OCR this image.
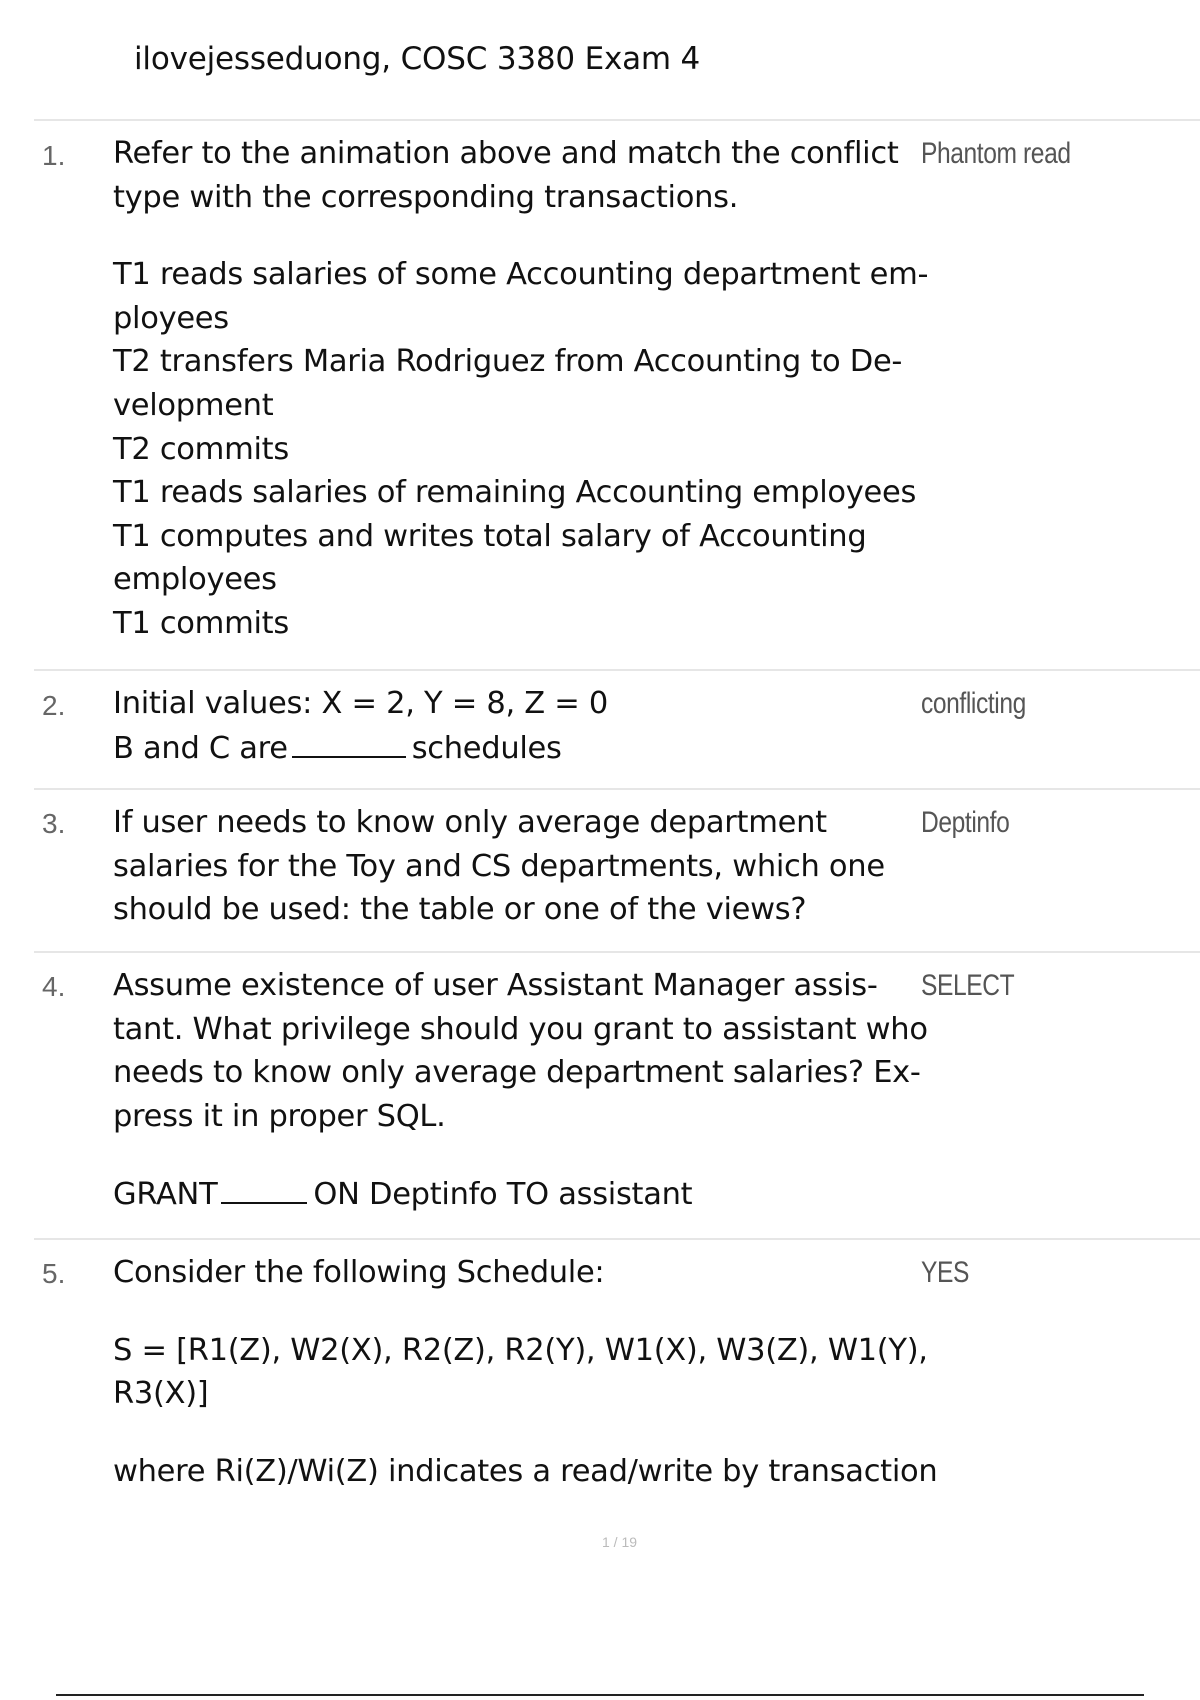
ilovejesseduong, COSC 3380 Exam 4
1. Refer to the animation above and match the conflict
type with the corresponding transactions.
T1 reads salaries of some Accounting department em-
ployees
T2 transfers Maria Rodriguez from Accounting to De-
velopment
T2 commits
T1 reads salaries of remaining Accounting employees
T1 computes and writes total salary of Accounting
employees
T1 commits
Phantom read
2. Initial values: X = 2, Y = 8, Z = 0
B and C are	schedules
conflicting
3. If user needs to know only average department
salaries for the Toy and CS departments, which one
should be used: the table or one of the views?
Deptinfo
4. Assume existence of user Assistant Manager assis-
tant. What privilege should you grant to assistant who
needs to know only average department salaries? Ex-
press it in proper SQL.
GRANT	ON Deptinfo TO assistant
SELECT
5. Consider the following Schedule:
S = [R1(Z), W2(X), R2(Z), R2(Y), W1(X), W3(Z), W1(Y),
R3(X)]
where Ri(Z)/Wi(Z) indicates a read/write by transaction
YES
1 / 19
